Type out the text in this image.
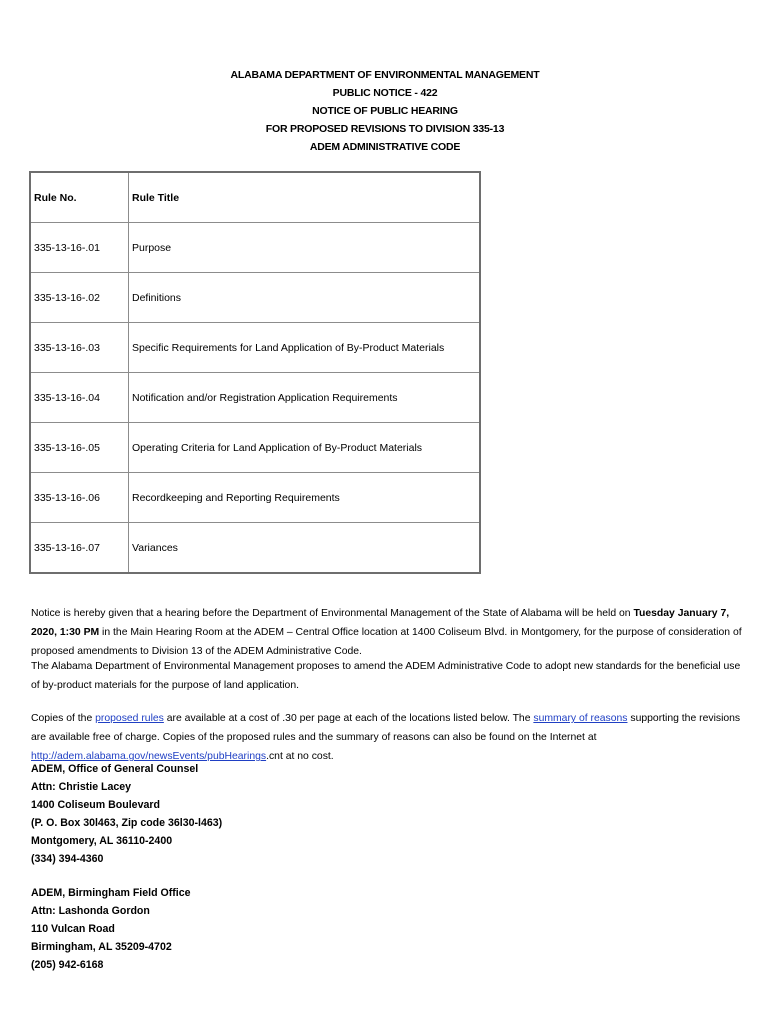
ALABAMA DEPARTMENT OF ENVIRONMENTAL MANAGEMENT
PUBLIC NOTICE - 422
NOTICE OF PUBLIC HEARING
FOR PROPOSED REVISIONS TO DIVISION 335-13
ADEM ADMINISTRATIVE CODE
Rule No.	Rule Title
335-13-16-.01	Purpose
335-13-16-.02	Definitions
335-13-16-.03	Specific Requirements for Land Application of By-Product Materials
335-13-16-.04	Notification and/or Registration Application Requirements
335-13-16-.05	Operating Criteria for Land Application of By-Product Materials
335-13-16-.06	Recordkeeping and Reporting Requirements
335-13-16-.07	Variances
Notice is hereby given that a hearing before the Department of Environmental Management of the State of Alabama will be held on Tuesday January 7, 2020, 1:30 PM in the Main Hearing Room at the ADEM – Central Office location at 1400 Coliseum Blvd. in Montgomery, for the purpose of consideration of proposed amendments to Division 13 of the ADEM Administrative Code.
The Alabama Department of Environmental Management proposes to amend the ADEM Administrative Code to adopt new standards for the beneficial use of by-product materials for the purpose of land application.
Copies of the proposed rules are available at a cost of .30 per page at each of the locations listed below. The summary of reasons supporting the revisions are available free of charge. Copies of the proposed rules and the summary of reasons can also be found on the Internet at http://adem.alabama.gov/newsEvents/pubHearings.cnt at no cost.
ADEM, Office of General Counsel
Attn: Christie Lacey
1400 Coliseum Boulevard
(P. O. Box 30l463, Zip code 36l30-l463)
Montgomery, AL 36110-2400
(334) 394-4360
ADEM, Birmingham Field Office
Attn: Lashonda Gordon
110 Vulcan Road
Birmingham, AL 35209-4702
(205) 942-6168
